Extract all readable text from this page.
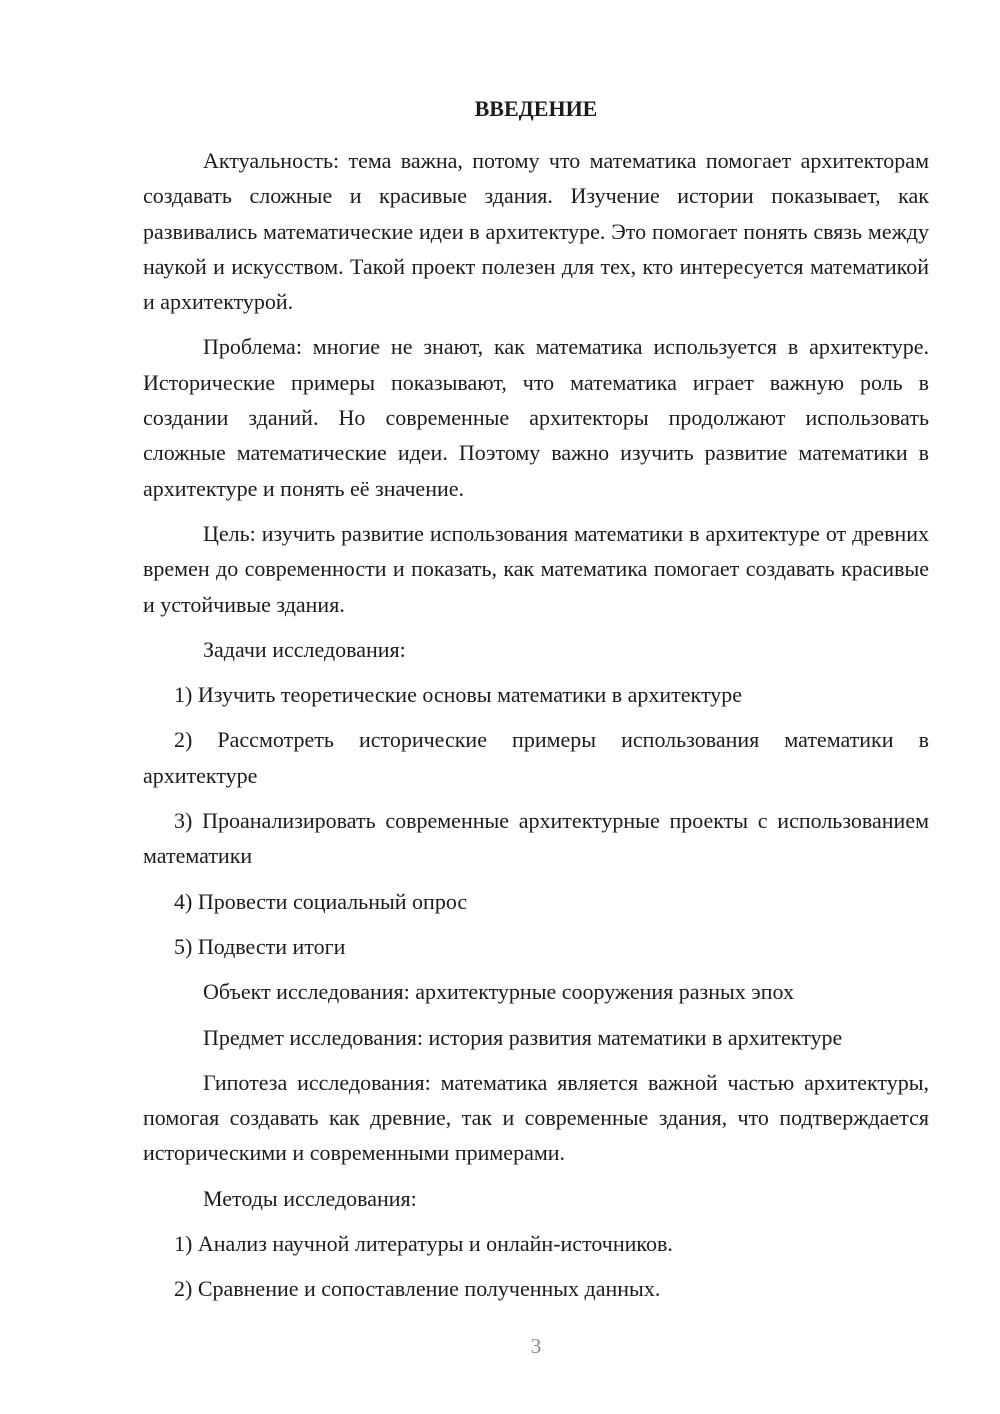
ВВЕДЕНИЕ

Актуальность: тема важна, потому что математика помогает архитекторам создавать сложные и красивые здания. Изучение истории показывает, как развивались математические идеи в архитектуре. Это помогает понять связь между наукой и искусством. Такой проект полезен для тех, кто интересуется математикой и архитектурой.

Проблема: многие не знают, как математика используется в архитектуре. Исторические примеры показывают, что математика играет важную роль в создании зданий. Но современные архитекторы продолжают использовать сложные математические идеи. Поэтому важно изучить развитие математики в архитектуре и понять её значение.

Цель: изучить развитие использования математики в архитектуре от древних времен до современности и показать, как математика помогает создавать красивые и устойчивые здания.

Задачи исследования:

1) Изучить теоретические основы математики в архитектуре

2) Рассмотреть исторические примеры использования математики в архитектуре

3) Проанализировать современные архитектурные проекты с использованием математики

4) Провести социальный опрос

5) Подвести итоги

Объект исследования: архитектурные сооружения разных эпох

Предмет исследования: история развития математики в архитектуре

Гипотеза исследования: математика является важной частью архитектуры, помогая создавать как древние, так и современные здания, что подтверждается историческими и современными примерами.

Методы исследования:

1) Анализ научной литературы и онлайн-источников.

2) Сравнение и сопоставление полученных данных.

3
